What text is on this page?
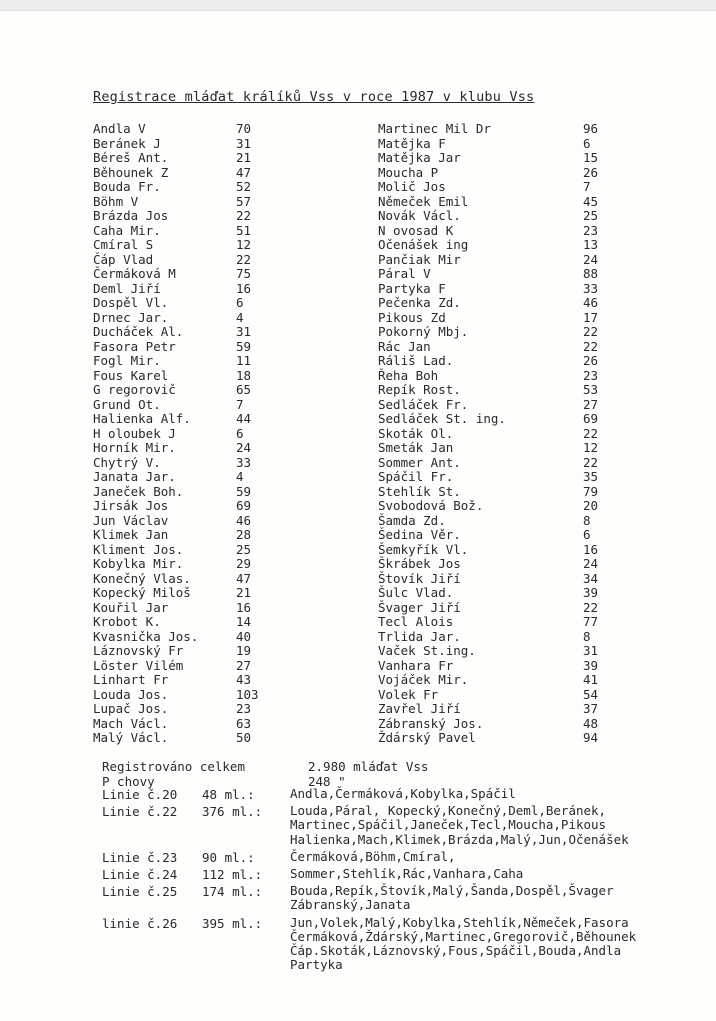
Registrace mláďat králíků Vss v roce 1987 v klubu Vss
Andla V	70
Beránek J	31
Béreš Ant.	21
Běhounek Z	47
Bouda Fr.	52
Böhm V	57
Brázda Jos	22
Caha Mir.	51
Cmíral S	12
Čáp Vlad	22
Čermáková M	75
Deml Jiří	16
Dospěl Vl.	6
Drnec Jar.	4
Ducháček Al.	31
Fasora Petr	59
Fogl Mir.	11
Fous Karel	18
G regorovič	65
Grund Ot.	7
Halienka Alf.	44
H oloubek J	6
Horník Mir.	24
Chytrý V.	33
Janata Jar.	4
Janeček Boh.	59
Jirsák Jos	69
Jun Václav	46
Klimek Jan	28
Kliment Jos.	25
Kobylka Mir.	29
Konečný Vlas.	47
Kopecký Miloš	21
Kouřil Jar	16
Krobot K.	14
Kvasnička Jos.	40
Láznovský Fr	19
Löster Vilém	27
Linhart Fr	43
Louda Jos.	103
Lupač Jos.	23
Mach Václ.	63
Malý Václ.	50
Martinec Mil Dr	96
Matějka F	6
Matějka Jar	15
Moucha P	26
Molič Jos	7
Němeček Emil	45
Novák Václ.	25
N ovosad K	23
Očenášek ing	13
Pančiak Mir	24
Páral V	88
Partyka F	33
Pečenka Zd.	46
Pikous Zd	17
Pokorný Mbj.	22
Rác Jan	22
Ráliš Lad.	26
Řeha Boh	23
Repík Rost.	53
Sedláček Fr.	27
Sedláček St. ing.	69
Skoták Ol.	22
Smeták Jan	12
Sommer Ant.	22
Spáčil Fr.	35
Stehlík St.	79
Svobodová Bož.	20
Šamda Zd.	8
Šedina Věr.	6
Šemkyřík Vl.	16
Škrábek Jos	24
Štovík Jiří	34
Šulc Vlad.	39
Švager Jiří	22
Tecl Alois	77
Trlida Jar.	8
Vaček St.ing.	31
Vanhara Fr	39
Vojáček Mir.	41
Volek Fr	54
Zavřel Jiří	37
Zábranský Jos.	48
Ždárský Pavel	94
Registrováno celkem	2.980 mláďat Vss
P chovy	248 "
Linie č.20 48 ml.:	Andla,Čermáková,Kobylka,Spáčil
Linie č.22 376 ml.: Louda,Páral, Kopecký,Konečný,Deml,Beránek,
Martinec,Spáčil,Janeček,Tecl,Moucha,Pikous
Halienka,Mach,Klimek,Brázda,Malý,Jun,Očenášek
Linie č.23 90 ml.:	Čermáková,Böhm,Cmíral,
Linie č.24 112 ml.: Sommer,Stehlík,Rác,Vanhara,Caha
Linie č.25 174 ml.: Bouda,Repík,Štovík,Malý,Šanda,Dospěl,Švager
Zábranský,Janata
linie č.26 395 ml.: Jun,Volek,Malý,Kobylka,Stehlík,Němeček,Fasora
Čermáková,Ždárský,Martinec,Gregorovič,Běhounek
Čáp.Skoták,Láznovský,Fous,Spáčil,Bouda,Andla
Partyka
